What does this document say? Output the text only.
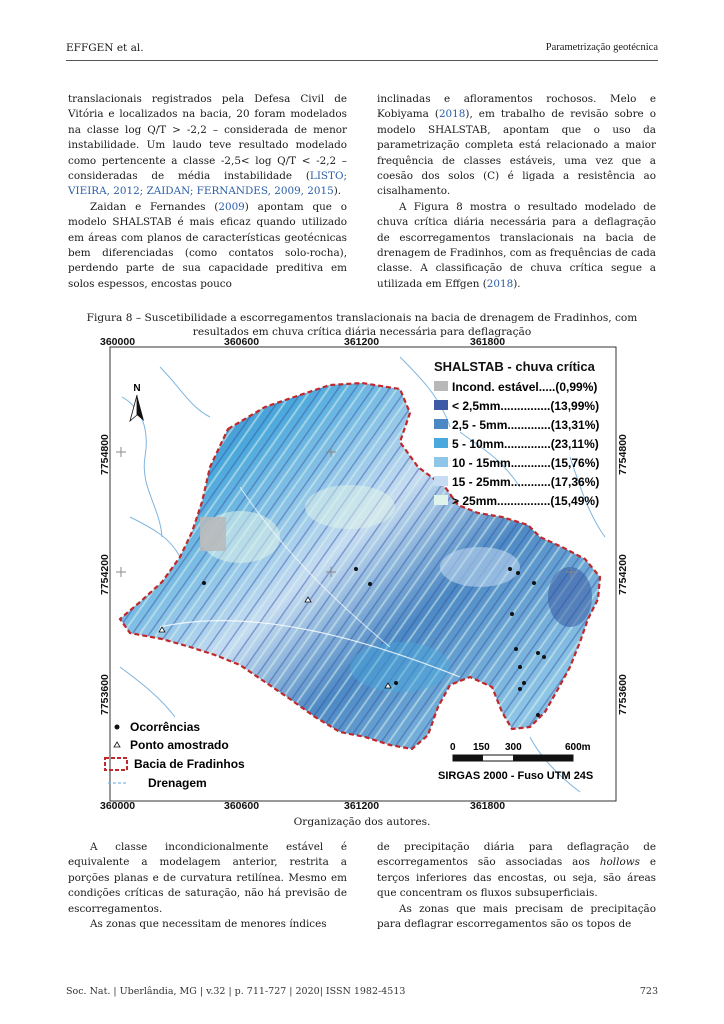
EFFGEN et al.	Parametrização geotécnica

translacionais registrados pela Defesa Civil de Vitória e localizados na bacia, 20 foram modelados na classe log Q/T > -2,2 – considerada de menor instabilidade. Um laudo teve resultado modelado como pertencente a classe -2,5< log Q/T < -2,2 – consideradas de média instabilidade (LISTO; VIEIRA, 2012; ZAIDAN; FERNANDES, 2009, 2015).

Zaidan e Fernandes (2009) apontam que o modelo SHALSTAB é mais eficaz quando utilizado em áreas com planos de características geotécnicas bem diferenciadas (como contatos solo-rocha), perdendo parte de sua capacidade preditiva em solos espessos, encostas pouco

inclinadas e afloramentos rochosos. Melo e Kobiyama (2018), em trabalho de revisão sobre o modelo SHALSTAB, apontam que o uso da parametrização completa está relacionado a maior frequência de classes estáveis, uma vez que a coesão dos solos (C) é ligada a resistência ao cisalhamento.

A Figura 8 mostra o resultado modelado de chuva crítica diária necessária para a deflagração de escorregamentos translacionais na bacia de drenagem de Fradinhos, com as frequências de cada classe. A classificação de chuva crítica segue a utilizada em Effgen (2018).

Figura 8 – Suscetibilidade a escorregamentos translacionais na bacia de drenagem de Fradinhos, com resultados em chuva crítica diária necessária para deflagração
N
SHALSTAB - chuva crítica
Incond. estável.....(0,99%)
< 2,5mm...............(13,99%)
2,5 - 5mm.............(13,31%)
5 - 10mm..............(23,11%)
10 - 15mm............(15,76%)
15 - 25mm............(17,36%)
> 25mm................(15,49%)
Ocorrências
Ponto amostrado
Bacia de Fradinhos
Drenagem
0 150 300	600m
SIRGAS 2000 - Fuso UTM 24S
360000	360600	361200	361800
360000	360600	361200	361800
7754800
7754200
7753600
7754800
7754200
7753600
Organização dos autores.

A classe incondicionalmente estável é equivalente a modelagem anterior, restrita a porções planas e de curvatura retilínea. Mesmo em condições críticas de saturação, não há previsão de escorregamentos.

As zonas que necessitam de menores índices

de precipitação diária para deflagração de escorregamentos são associadas aos hollows e terços inferiores das encostas, ou seja, são áreas que concentram os fluxos subsuperficiais.

As zonas que mais precisam de precipitação para deflagrar escorregamentos são os topos de

Soc. Nat. | Uberlândia, MG | v.32 | p. 711-727 | 2020| ISSN 1982-4513	723
